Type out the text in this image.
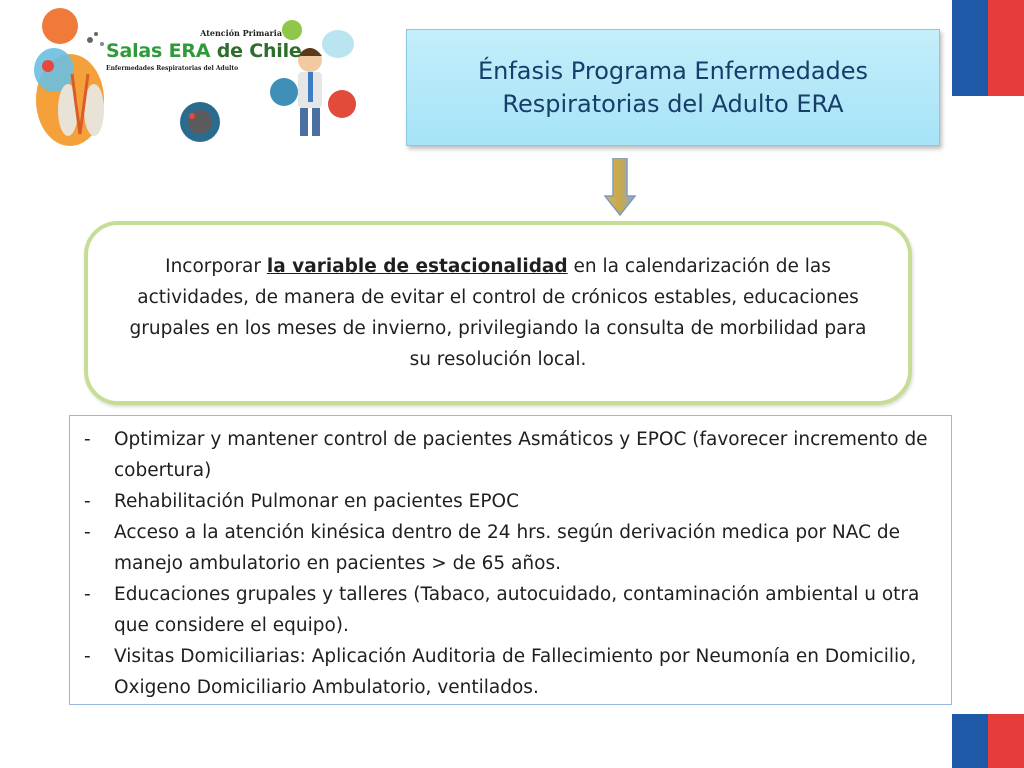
Atención Primaria
Salas ERA de Chile
Enfermedades Respiratorias del Adulto	Énfasis Programa Enfermedades
Respiratorias del Adulto ERA

Incorporar la variable de estacionalidad en la calendarización de las actividades, de manera de evitar el control de crónicos estables, educaciones grupales en los meses de invierno, privilegiando la consulta de morbilidad para su resolución local.

- Optimizar y mantener control de pacientes Asmáticos y EPOC (favorecer incremento de cobertura)
- Rehabilitación Pulmonar en pacientes EPOC
- Acceso a la atención kinésica dentro de 24 hrs. según derivación medica por NAC de manejo ambulatorio en pacientes > de 65 años.
- Educaciones grupales y talleres (Tabaco, autocuidado, contaminación ambiental u otra que considere el equipo).
- Visitas Domiciliarias: Aplicación Auditoria de Fallecimiento por Neumonía en Domicilio, Oxigeno Domiciliario Ambulatorio, ventilados.
